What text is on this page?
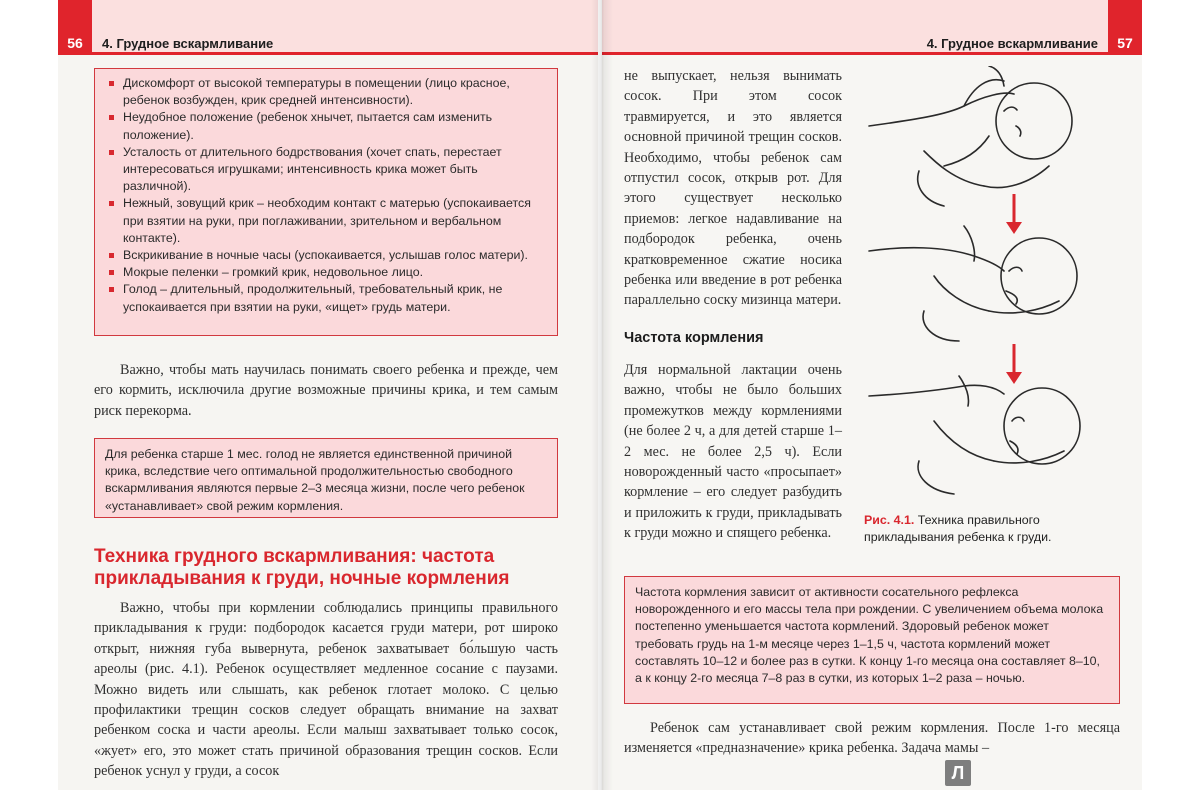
56 4. Грудное вскармливание
Дискомфорт от высокой температуры в помещении (лицо красное, ребенок возбужден, крик средней интенсивности).
Неудобное положение (ребенок хнычет, пытается сам изменить положение).
Усталость от длительного бодрствования (хочет спать, перестает интересоваться игрушками; интенсивность крика может быть различной).
Нежный, зовущий крик – необходим контакт с матерью (успокаивается при взятии на руки, при поглаживании, зрительном и вербальном контакте).
Вскрикивание в ночные часы (успокаивается, услышав голос матери).
Мокрые пеленки – громкий крик, недовольное лицо.
Голод – длительный, продолжительный, требовательный крик, не успокаивается при взятии на руки, «ищет» грудь матери.

Важно, чтобы мать научилась понимать своего ребенка и прежде, чем его кормить, исключила другие возможные причины крика, и тем самым риск перекорма.

Для ребенка старше 1 мес. голод не является единственной причиной крика, вследствие чего оптимальной продолжительностью свободного вскармливания являются первые 2–3 месяца жизни, после чего ребенок «устанавливает» свой режим кормления.
Техника грудного вскармливания: частота прикладывания к груди, ночные кормления

Важно, чтобы при кормлении соблюдались принципы правильного прикладывания к груди: подбородок касается груди матери, рот широко открыт, нижняя губа вывернута, ребенок захватывает бо́льшую часть ареолы (рис. 4.1). Ребенок осуществляет медленное сосание с паузами. Можно видеть или слышать, как ребенок глотает молоко. С целью профилактики трещин сосков следует обращать внимание на захват ребенком соска и части ареолы. Если малыш захватывает только сосок, «жует» его, это может стать причиной образования трещин сосков. Если ребенок уснул у груди, а сосок

57
4. Грудное вскармливание

не выпускает, нельзя вынимать сосок. При этом сосок травмируется, и это является основной причиной трещин сосков. Необходимо, чтобы ребенок сам отпустил сосок, открыв рот. Для этого существует несколько приемов: легкое надавливание на подбородок ребенка, очень кратковременное сжатие носика ребенка или введение в рот ребенка параллельно соску мизинца матери.

Частота кормления

Для нормальной лактации очень важно, чтобы не было больших промежутков между кормлениями (не более 2 ч, а для детей старше 1–2 мес. не более 2,5 ч). Если новорожденный часто «просыпает» кормление – его следует разбудить и приложить к груди, прикладывать к груди можно и спящего ребенка.

Рис. 4.1. Техника правильного прикладывания ребенка к груди.
Частота кормления зависит от активности сосательного рефлекса новорожденного и его массы тела при рождении. С увеличением объема молока постепенно уменьшается частота кормлений. Здоровый ребенок может требовать грудь на 1-м месяце через 1–1,5 ч, частота кормлений может составлять 10–12 и более раз в сутки. К концу 1-го месяца она составляет 8–10, а к концу 2-го месяца 7–8 раз в сутки, из которых 1–2 раза – ночью.

Ребенок сам устанавливает свой режим кормления. После 1-го месяца изменяется «предназначение» крика ребенка. Задача мамы –

Л
